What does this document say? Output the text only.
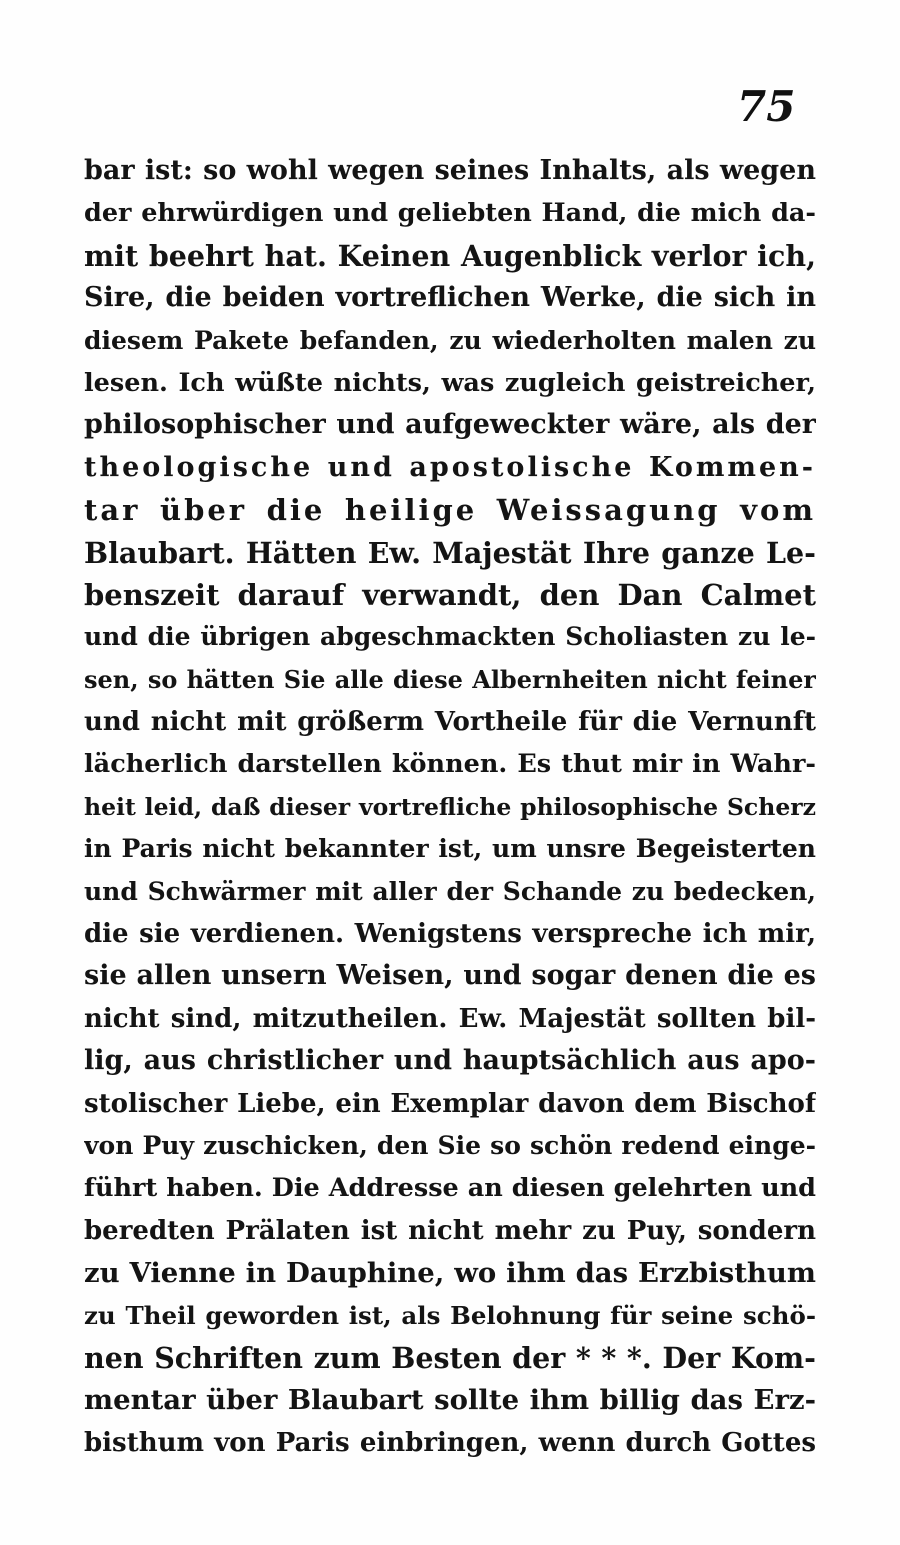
75
bar ist: so wohl wegen seines Inhalts, als wegen
der ehrwürdigen und geliebten Hand, die mich da-
mit beehrt hat. Keinen Augenblick verlor ich,
Sire, die beiden vortreflichen Werke, die sich in
diesem Pakete befanden, zu wiederholten malen zu
lesen. Ich wüßte nichts, was zugleich geistreicher,
philosophischer und aufgeweckter wäre, als der
theologische und apostolische Kommen-
tar über die heilige Weissagung vom
Blaubart. Hätten Ew. Majestät Ihre ganze Le-
benszeit darauf verwandt, den Dan Calmet
und die übrigen abgeschmackten Scholiasten zu le-
sen, so hätten Sie alle diese Albernheiten nicht feiner
und nicht mit größerm Vortheile für die Vernunft
lächerlich darstellen können. Es thut mir in Wahr-
heit leid, daß dieser vortrefliche philosophische Scherz
in Paris nicht bekannter ist, um unsre Begeisterten
und Schwärmer mit aller der Schande zu bedecken,
die sie verdienen. Wenigstens verspreche ich mir,
sie allen unsern Weisen, und sogar denen die es
nicht sind, mitzutheilen. Ew. Majestät sollten bil-
lig, aus christlicher und hauptsächlich aus apo-
stolischer Liebe, ein Exemplar davon dem Bischof
von Puy zuschicken, den Sie so schön redend einge-
führt haben. Die Addresse an diesen gelehrten und
beredten Prälaten ist nicht mehr zu Puy, sondern
zu Vienne in Dauphine, wo ihm das Erzbisthum
zu Theil geworden ist, als Belohnung für seine schö-
nen Schriften zum Besten der * * *. Der Kom-
mentar über Blaubart sollte ihm billig das Erz-
bisthum von Paris einbringen, wenn durch Gottes
